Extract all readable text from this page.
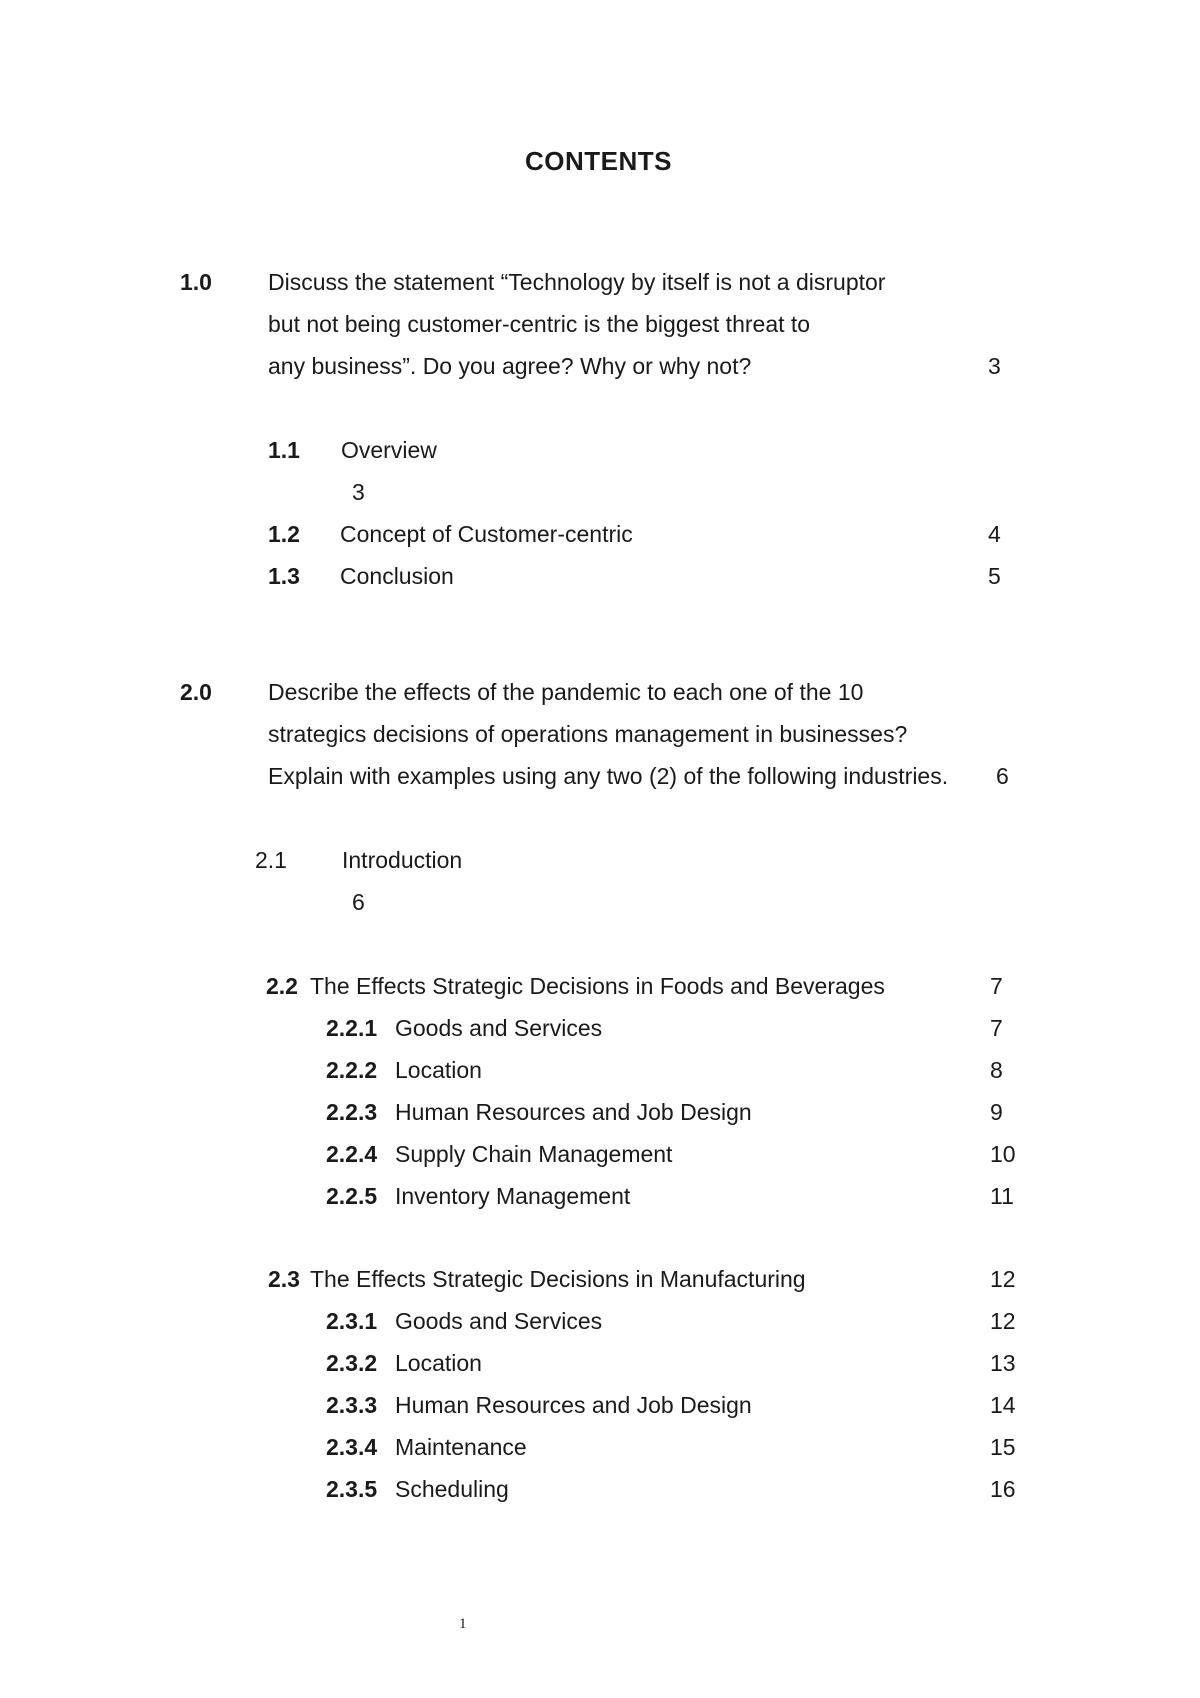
CONTENTS
1.0 Discuss the statement “Technology by itself is not a disruptor
but not being customer-centric is the biggest threat to
any business”. Do you agree? Why or why not?	3
1.1 Overview
3
1.2 Concept of Customer-centric	4
1.3 Conclusion	5
2.0 Describe the effects of the pandemic to each one of the 10
strategics decisions of operations management in businesses?
Explain with examples using any two (2) of the following industries. 6
2.1 Introduction
6
2.2 The Effects Strategic Decisions in Foods and Beverages	7
2.2.1 Goods and Services	7
2.2.2 Location	8
2.2.3 Human Resources and Job Design	9
2.2.4 Supply Chain Management	10
2.2.5 Inventory Management	11
2.3 The Effects Strategic Decisions in Manufacturing	12
2.3.1 Goods and Services	12
2.3.2 Location	13
2.3.3 Human Resources and Job Design	14
2.3.4 Maintenance	15
2.3.5 Scheduling	16
1
